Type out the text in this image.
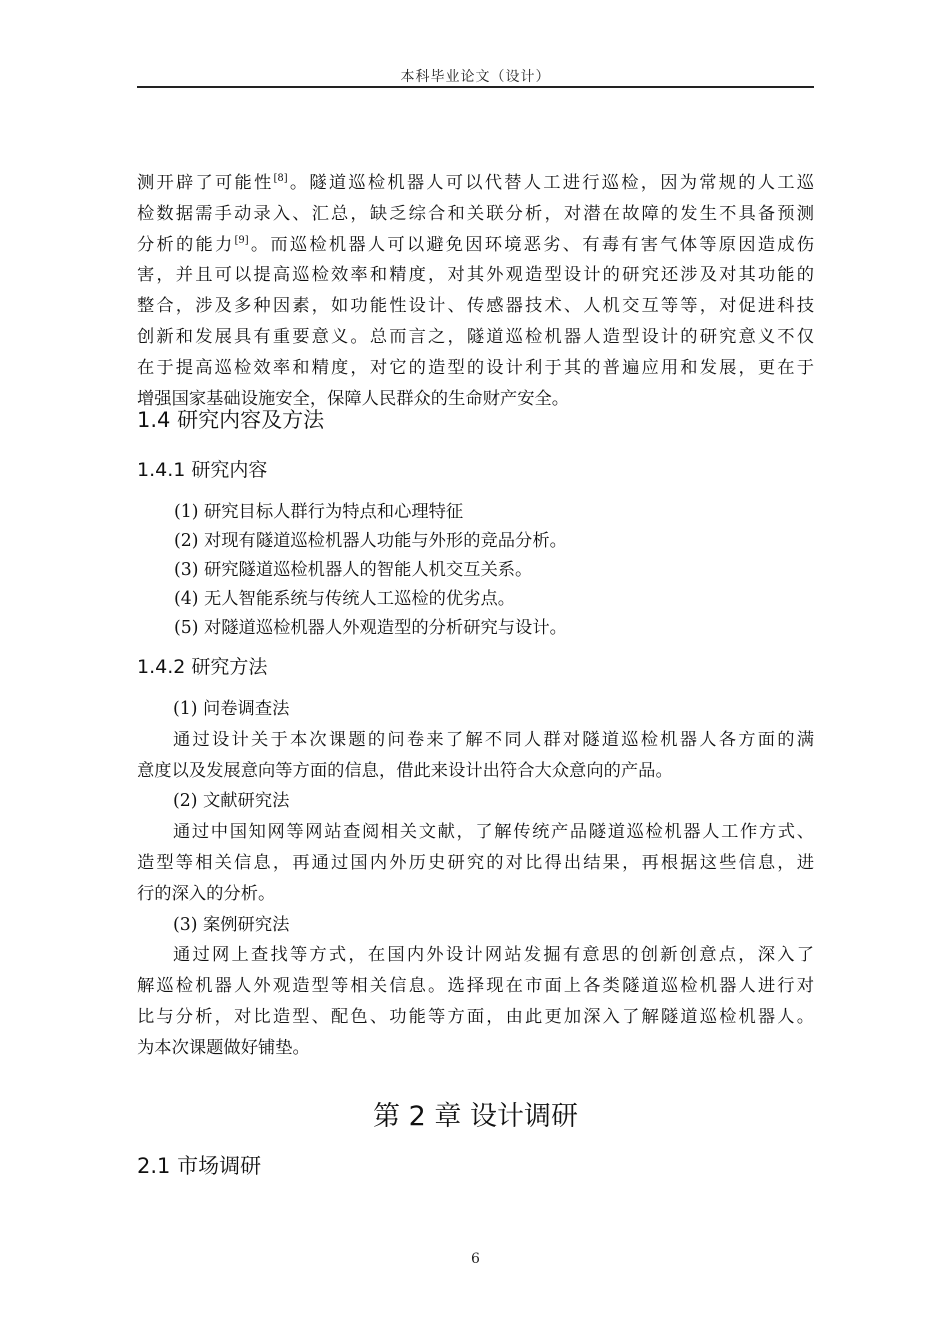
本科毕业论文（设计）
测开辟了可能性[8]。隧道巡检机器人可以代替人工进行巡检，因为常规的人工巡
检数据需手动录入、汇总，缺乏综合和关联分析，对潜在故障的发生不具备预测
分析的能力[9]。而巡检机器人可以避免因环境恶劣、有毒有害气体等原因造成伤
害，并且可以提高巡检效率和精度，对其外观造型设计的研究还涉及对其功能的
整合，涉及多种因素，如功能性设计、传感器技术、人机交互等等，对促进科技
创新和发展具有重要意义。总而言之，隧道巡检机器人造型设计的研究意义不仅
在于提高巡检效率和精度，对它的造型的设计利于其的普遍应用和发展，更在于
增强国家基础设施安全，保障人民群众的生命财产安全。
1.4 研究内容及方法
1.4.1 研究内容
(1) 研究目标人群行为特点和心理特征
(2) 对现有隧道巡检机器人功能与外形的竞品分析。
(3) 研究隧道巡检机器人的智能人机交互关系。
(4) 无人智能系统与传统人工巡检的优劣点。
(5) 对隧道巡检机器人外观造型的分析研究与设计。
1.4.2 研究方法
(1) 问卷调查法
通过设计关于本次课题的问卷来了解不同人群对隧道巡检机器人各方面的满
意度以及发展意向等方面的信息，借此来设计出符合大众意向的产品。
(2) 文献研究法
通过中国知网等网站查阅相关文献，了解传统产品隧道巡检机器人工作方式、
造型等相关信息，再通过国内外历史研究的对比得出结果，再根据这些信息，进
行的深入的分析。
(3) 案例研究法
通过网上查找等方式，在国内外设计网站发掘有意思的创新创意点，深入了
解巡检机器人外观造型等相关信息。选择现在市面上各类隧道巡检机器人进行对
比与分析，对比造型、配色、功能等方面，由此更加深入了解隧道巡检机器人。
为本次课题做好铺垫。
第 2 章 设计调研
2.1 市场调研
6
